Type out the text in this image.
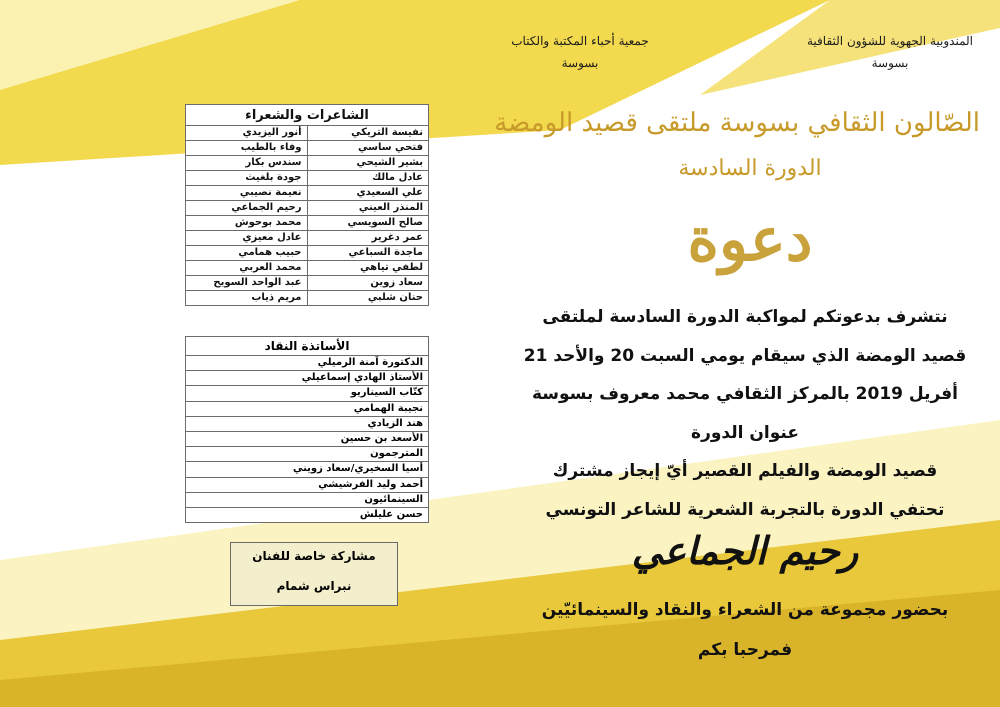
جمعية أحباء المكتبة والكتاب
بسوسة
المندوبية الجهوية للشؤون الثقافية
بسوسة
الصّالون الثقافي بسوسة ملتقى قصيد الومضة
الدورة السادسة
دعوة
نتشرف بدعوتكم لمواكبة الدورة السادسة لملتقى
قصيد الومضة الذي سيقام يومي السبت 20 والأحد 21
أفريل 2019 بالمركز الثقافي محمد معروف بسوسة
عنوان الدورة
قصيد الومضة والفيلم القصير أيّ إيجاز مشترك
تحتفي الدورة بالتجربة الشعرية للشاعر التونسي
رحيم الجماعي
بحضور مجموعة من الشعراء والنقاد والسينمائيّين
فمرحبا بكم
الشاعرات والشعراء	
نفيسة التريكي	أنور اليزيدي
فتحي ساسي	وفاء بالطيب
بشير الشيحي	سندس بكار
عادل مالك	جودة بلغيث
علي السعيدي	نعيمة نصيبي
المنذر العيني	رحيم الجماعي
صالح السويسي	محمد بوحوش
عمر دغرير	عادل معيزي
ماجدة السباعي	حبيب همامي
لطفي تياهي	محمد العربي
سعاد زوين	عبد الواحد السويح
حنان شلبي	مريم ذياب
الأساتذة النقاد
الدكتورة آمنة الرميلي
الأستاذ الهادي إسماعيلي
كتّاب السيناريو
نجيبة الهمامي
هند الزيادي
الأسعد بن حسين
المترجمون
أسيا السخيري/سعاد زويني
أحمد وليد الفرشيشي
السينمائيون
حسن عليلش
مشاركة خاصة للفنان
نبراس شمام
